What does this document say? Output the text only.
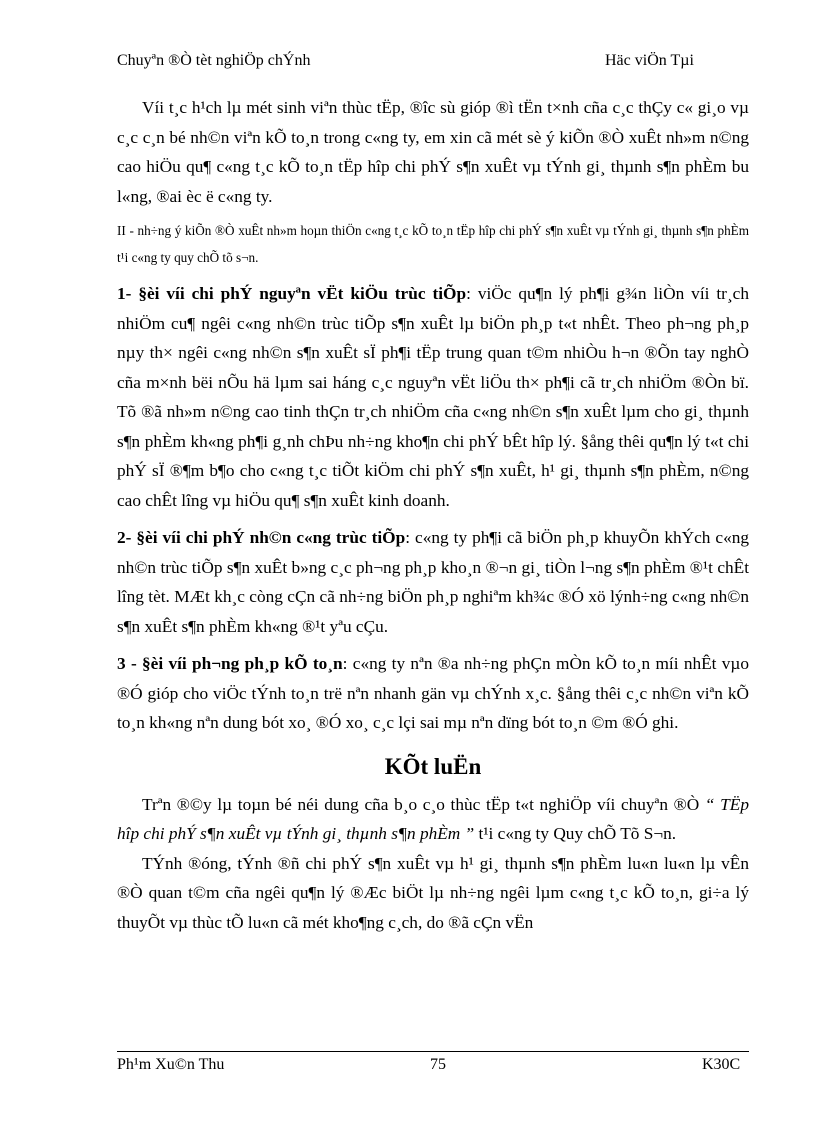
Chuyªn ®Ò tèt nghiÖp chÝnh	Häc viÖn Tµi

Víi t¸c h¹ch lµ mét sinh viªn thùc tËp, ®îc sù gióp ®ì tËn t×nh cña c¸c thÇy c« gi¸o vµ c¸c c¸n bé nh©n viªn kÕ to¸n trong c«ng ty, em xin cã mét sè ý kiÕn ®Ò xuÊt nh»m n©ng cao hiÖu qu¶ c«ng t¸c kÕ to¸n tËp hîp chi phÝ s¶n xuÊt vµ tÝnh gi¸ thµnh s¶n phÈm bu l«ng, ®ai èc ë c«ng ty.

II - nh÷ng ý kiÕn ®Ò xuÊt nh»m hoµn thiÖn c«ng t¸c kÕ to¸n tËp hîp chi phÝ s¶n xuÊt vµ tÝnh gi¸ thµnh s¶n phÈm t¹i c«ng ty quy chÕ tõ s¬n.

1- §èi víi chi phÝ nguyªn vËt kiÖu trùc tiÕp: viÖc qu¶n lý ph¶i g¾n liÒn víi tr¸ch nhiÖm cu¶ ngêi c«ng nh©n trùc tiÕp s¶n xuÊt lµ biÖn ph¸p t«t nhÊt. Theo ph¬ng ph¸p nµy th× ngêi c«ng nh©n s¶n xuÊt sÏ ph¶i tËp trung quan t©m nhiÒu h¬n ®Õn tay nghÒ cña m×nh bëi nÕu hä lµm sai háng c¸c nguyªn vËt liÖu th× ph¶i cã tr¸ch nhiÖm ®Òn bï. Tõ ®ã nh»m n©ng cao tinh thÇn tr¸ch nhiÖm cña c«ng nh©n s¶n xuÊt lµm cho gi¸ thµnh s¶n phÈm kh«ng ph¶i g¸nh chÞu nh÷ng kho¶n chi phÝ bÊt hîp lý. §ång thêi qu¶n lý t«t chi phÝ sÏ ®¶m b¶o cho c«ng t¸c tiÕt kiÖm chi phÝ s¶n xuÊt, h¹ gi¸ thµnh s¶n phÈm, n©ng cao chÊt lîng vµ hiÖu qu¶ s¶n xuÊt kinh doanh.

2- §èi víi chi phÝ nh©n c«ng trùc tiÕp: c«ng ty ph¶i cã biÖn ph¸p khuyÕn khÝch c«ng nh©n trùc tiÕp s¶n xuÊt b»ng c¸c ph¬ng ph¸p kho¸n ®¬n gi¸ tiÒn l¬ng s¶n phÈm ®¹t chÊt lîng tèt. MÆt kh¸c còng cÇn cã nh÷ng biÖn ph¸p nghiªm kh¾c ®Ó xö lýnh÷ng c«ng nh©n s¶n xuÊt s¶n phÈm kh«ng ®¹t yªu cÇu.

3 - §èi víi ph¬ng ph¸p kÕ to¸n: c«ng ty nªn ®a nh÷ng phÇn mÒn kÕ to¸n míi nhÊt vµo ®Ó gióp cho viÖc tÝnh to¸n trë nªn nhanh gän vµ chÝnh x¸c. §ång thêi c¸c nh©n viªn kÕ to¸n kh«ng nªn dung bót xo¸ ®Ó xo¸ c¸c lçi sai mµ nªn dïng bót to¸n ©m ®Ó ghi.

KÕt luËn

Trªn ®©y lµ toµn bé néi dung cña b¸o c¸o thùc tËp t«t nghiÖp víi chuyªn ®Ò “ TËp hîp chi phÝ s¶n xuÊt vµ tÝnh gi¸ thµnh s¶n phÈm ” t¹i c«ng ty Quy chÕ Tõ S¬n.

TÝnh ®óng, tÝnh ®ñ chi phÝ s¶n xuÊt vµ h¹ gi¸ thµnh s¶n phÈm lu«n lu«n lµ vÊn ®Ò quan t©m cña ngêi qu¶n lý ®Æc biÖt lµ nh÷ng ngêi lµm c«ng t¸c kÕ to¸n, gi÷a lý thuyÕt vµ thùc tÕ lu«n cã mét kho¶ng c¸ch, do ®ã cÇn vËn

Ph¹m Xu©n Thu	75	K30C
